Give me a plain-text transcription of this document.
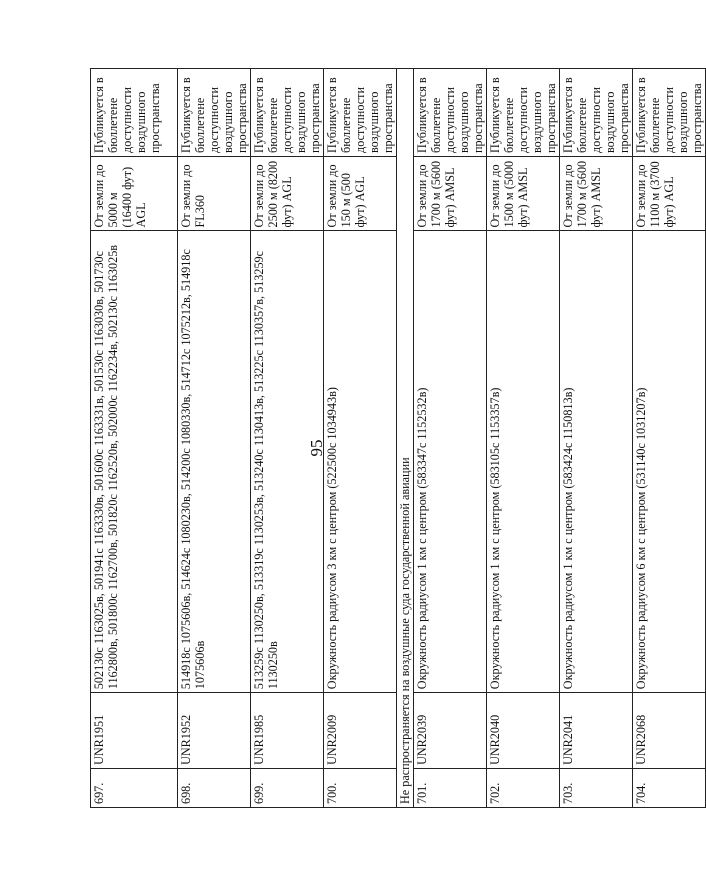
95
697.	UNR1951	502130с 1163025в, 501941с 1163330в, 501600с 1163331в, 501530с 1163030в, 501730с 1162800в, 501800с 1162700в, 501820с 1162520в, 502000с 1162234в, 502130с 1163025в	От земли до 5000 м (16400 фут) AGL	Публикуется в бюллетене доступности воздушного пространства
698.	UNR1952	514918с 1075606в, 514624с 1080230в, 514200с 1080330в, 514712с 1075212в, 514918с 1075606в	От земли до FL360	Публикуется в бюллетене доступности воздушного пространства
699.	UNR1985	513259с 1130250в, 513319с 1130253в, 513240с 1130413в, 513225с 1130357в, 513259с 1130250в	От земли до 2500 м (8200 фут) AGL	Публикуется в бюллетене доступности воздушного пространства
700.	UNR2009	Окружность радиусом 3 км с центром (522500с 1034943в)	От земли до 150 м (500 фут) AGL	Публикуется в бюллетене доступности воздушного пространства
Не распространяется на воздушные суда государственной авиации				
701.	UNR2039	Окружность радиусом 1 км с центром (583347с 1152532в)	От земли до 1700 м (5600 фут) AMSL	Публикуется в бюллетене доступности воздушного пространства
702.	UNR2040	Окружность радиусом 1 км с центром (583105с 1153357в)	От земли до 1500 м (5000 фут) AMSL	Публикуется в бюллетене доступности воздушного пространства
703.	UNR2041	Окружность радиусом 1 км с центром (583424с 1150813в)	От земли до 1700 м (5600 фут) AMSL	Публикуется в бюллетене доступности воздушного пространства
704.	UNR2068	Окружность радиусом 6 км с центром (531140с 1031207в)	От земли до 1100 м (3700 фут) AGL	Публикуется в бюллетене доступности воздушного пространства
